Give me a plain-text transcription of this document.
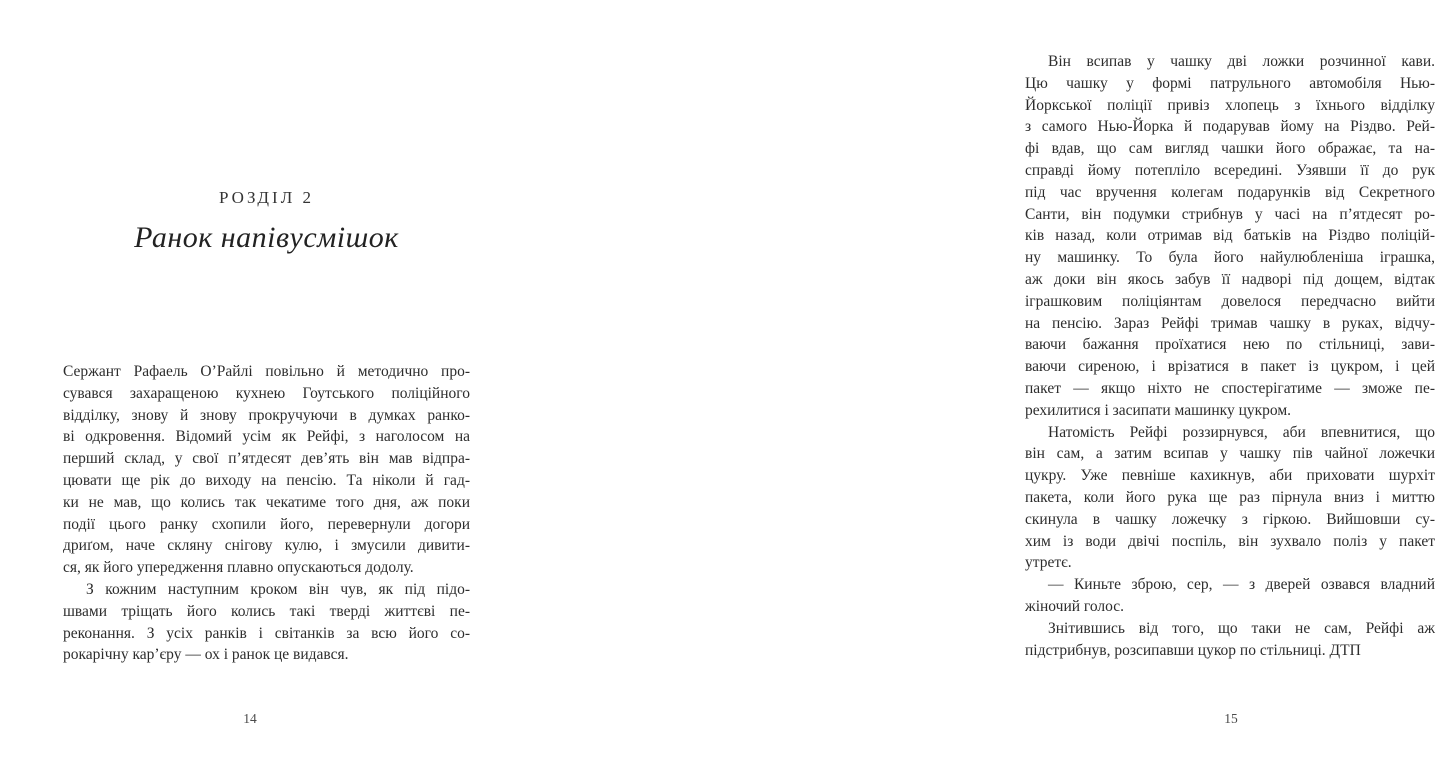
РОЗДІЛ 2
Ранок напівусмішок
Сержант Рафаель О’Райлі повільно й методично про-
сувався захаращеною кухнею Гоутського поліційного
відділку, знову й знову прокручуючи в думках ранко-
ві одкровення. Відомий усім як Рейфі, з наголосом на
перший склад, у свої п’ятдесят дев’ять він мав відпра-
цювати ще рік до виходу на пенсію. Та ніколи й гад-
ки не мав, що колись так чекатиме того дня, аж поки
події цього ранку схопили його, перевернули догори
дриґом, наче скляну снігову кулю, і змусили дивити-
ся, як його упередження плавно опускаються додолу.
З кожним наступним кроком він чув, як під підо-
швами тріщать його колись такі тверді життєві пе-
реконання. З усіх ранків і світанків за всю його со-
рокарічну кар’єру — ох і ранок це видався.
14
Він всипав у чашку дві ложки розчинної кави.
Цю чашку у формі патрульного автомобіля Нью-
Йоркської поліції привіз хлопець з їхнього відділку
з самого Нью-Йорка й подарував йому на Різдво. Рей-
фі вдав, що сам вигляд чашки його ображає, та на-
справді йому потепліло всередині. Узявши її до рук
під час вручення колегам подарунків від Секретного
Санти, він подумки стрибнув у часі на п’ятдесят ро-
ків назад, коли отримав від батьків на Різдво поліцій-
ну машинку. То була його найулюбленіша іграшка,
аж доки він якось забув її надворі під дощем, відтак
іграшковим поліціянтам довелося передчасно вийти
на пенсію. Зараз Рейфі тримав чашку в руках, відчу-
ваючи бажання проїхатися нею по стільниці, зави-
ваючи сиреною, і врізатися в пакет із цукром, і цей
пакет — якщо ніхто не спостерігатиме — зможе пе-
рехилитися і засипати машинку цукром.
Натомість Рейфі роззирнувся, аби впевнитися, що
він сам, а затим всипав у чашку пів чайної ложечки
цукру. Уже певніше кахикнув, аби приховати шурхіт
пакета, коли його рука ще раз пірнула вниз і миттю
скинула в чашку ложечку з гіркою. Вийшовши су-
хим із води двічі поспіль, він зухвало поліз у пакет
утретє.
— Киньте зброю, сер, — з дверей озвався владний
жіночий голос.
Знітившись від того, що таки не сам, Рейфі аж
підстрибнув, розсипавши цукор по стільниці. ДТП
15
